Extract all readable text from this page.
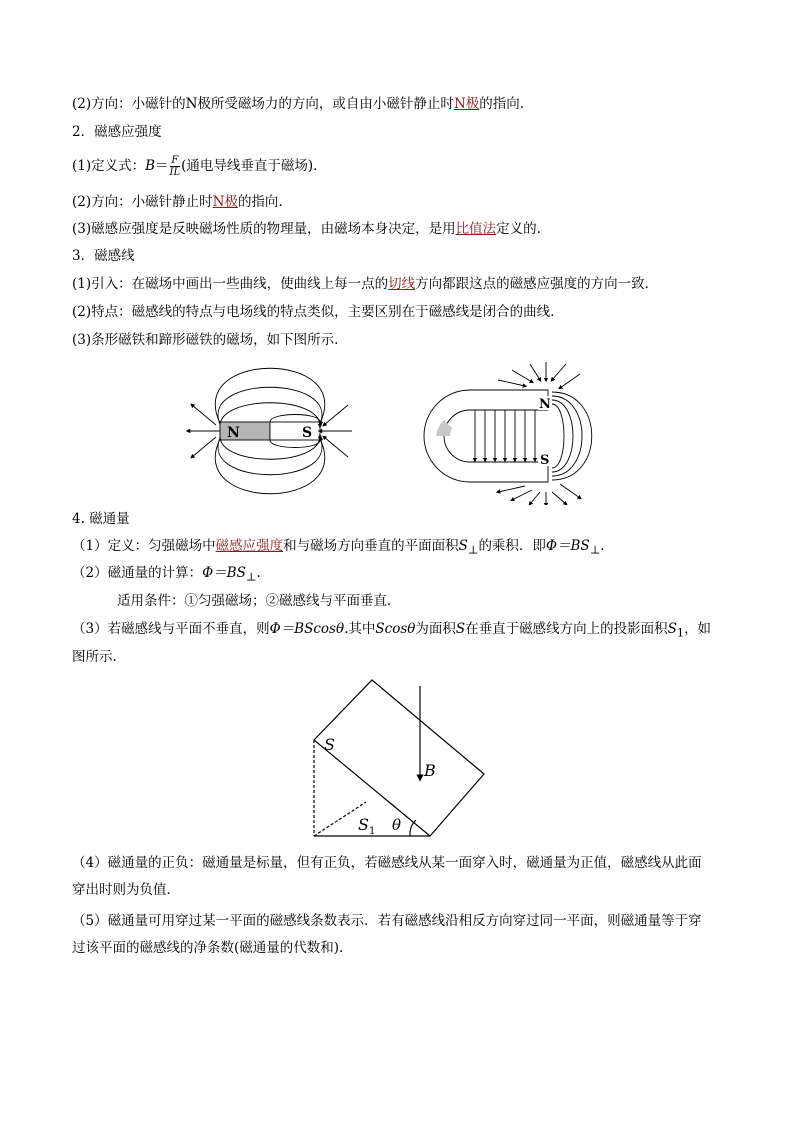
(2)方向：小磁针的N极所受磁场力的方向，或自由小磁针静止时N极的指向.
2．磁感应强度
(1)定义式：$B= \frac{F}{IL}$ (通电导线垂直于磁场)．
(2)方向：小磁针静止时N极的指向.
(3)磁感应强度是反映磁场性质的物理量，由磁场本身决定，是用比值法定义的.
3．磁感线
(1)引入：在磁场中画出一些曲线，使曲线上每一点的切线方向都跟这点的磁感应强度的方向一致．
(2)特点：磁感线的特点与电场线的特点类似，主要区别在于磁感线是闭合的曲线.
(3)条形磁铁和蹄形磁铁的磁场，如下图所示.
N	S
N
S
4. 磁通量
（1）定义：匀强磁场中磁感应强度和与磁场方向垂直的平面面积$S_\perp$的乘积．即$\Phi=BS_\perp$.
（2）磁通量的计算：$\Phi=BS_\perp$.
适用条件：①匀强磁场；②磁感线与平面垂直．
（3）若磁感线与平面不垂直，则Φ＝BScosθ.其中Scosθ为面积S在垂直于磁感线方向上的投影面积$S_1$，如
图所示.
S
B
$S_1$ θ
（4）磁通量的正负：磁通量是标量，但有正负，若磁感线从某一面穿入时，磁通量为正值，磁感线从此面
穿出时则为负值．
（5）磁通量可用穿过某一平面的磁感线条数表示．若有磁感线沿相反方向穿过同一平面，则磁通量等于穿
过该平面的磁感线的净条数(磁通量的代数和).
